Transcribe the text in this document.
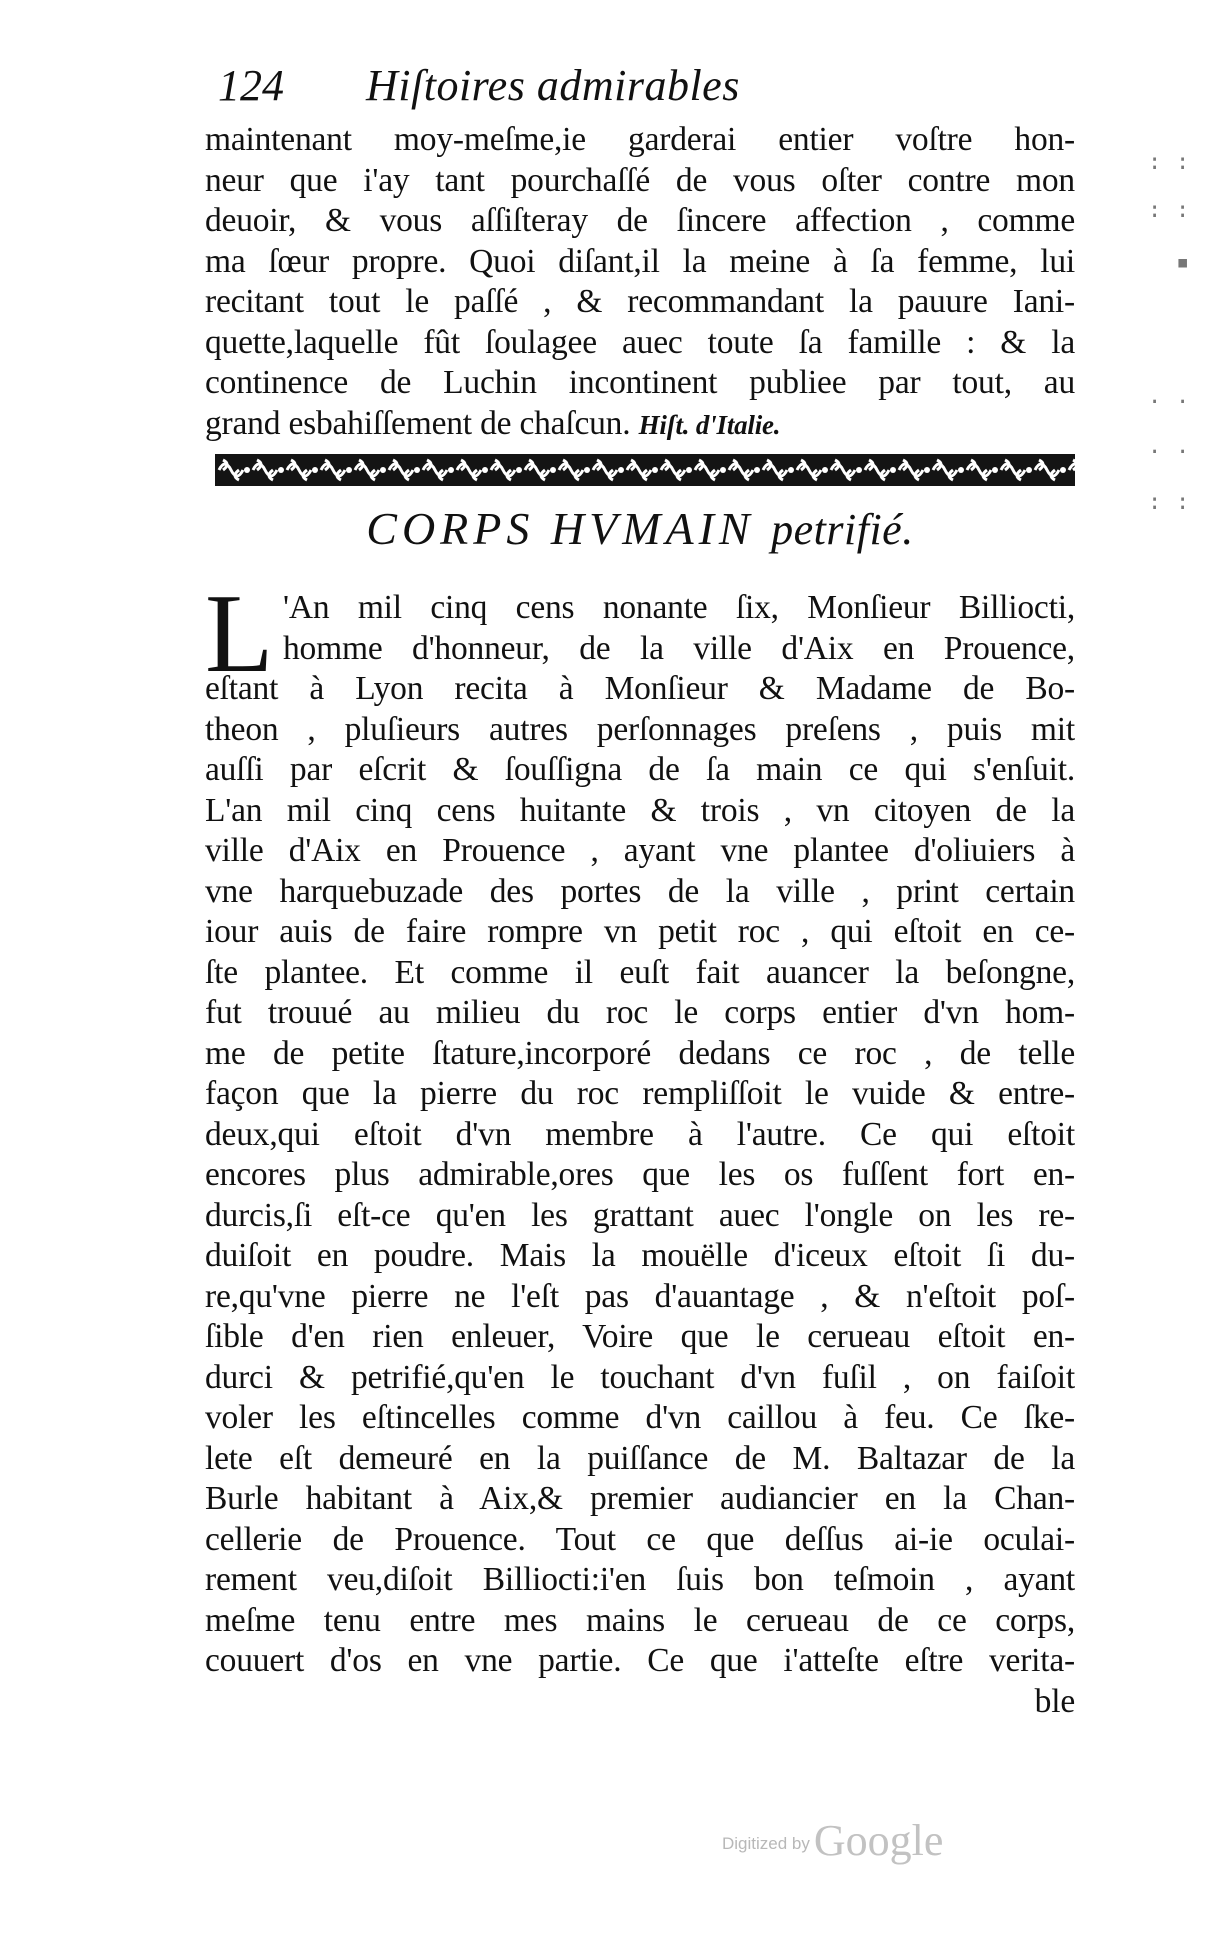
124 Hiſtoires admirables
maintenant moy-meſme,ie garderai entier voſtre hon-
neur que i'ay tant pourchaſſé de vous oſter contre mon
deuoir, & vous aſſiſteray de ſincere affection , comme
ma ſœur propre. Quoi diſant,il la meine à ſa femme, lui
recitant tout le paſſé , & recommandant la pauure Iani-
quette,laquelle fût ſoulagee auec toute ſa famille : & la
continence de Luchin incontinent publiee par tout, au
grand esbahiſſement de chaſcun. Hiſt. d'Italie.
CORPS HVMAIN petrifié.
L 'An mil cinq cens nonante ſix, Monſieur Billiocti,
homme d'honneur, de la ville d'Aix en Prouence,
eſtant à Lyon recita à Monſieur & Madame de Bo-
theon , pluſieurs autres perſonnages preſens , puis mit
auſſi par eſcrit & ſouſſigna de ſa main ce qui s'enſuit.
L'an mil cinq cens huitante & trois , vn citoyen de la
ville d'Aix en Prouence , ayant vne plantee d'oliuiers à
vne harquebuzade des portes de la ville , print certain
iour auis de faire rompre vn petit roc , qui eſtoit en ce-
ſte plantee. Et comme il euſt fait auancer la beſongne,
fut trouué au milieu du roc le corps entier d'vn hom-
me de petite ſtature,incorporé dedans ce roc , de telle
façon que la pierre du roc rempliſſoit le vuide & entre-
deux,qui eſtoit d'vn membre à l'autre. Ce qui eſtoit
encores plus admirable,ores que les os fuſſent fort en-
durcis,ſi eſt-ce qu'en les grattant auec l'ongle on les re-
duiſoit en poudre. Mais la mouëlle d'iceux eſtoit ſi du-
re,qu'vne pierre ne l'eſt pas d'auantage , & n'eſtoit poſ-
ſible d'en rien enleuer, Voire que le cerueau eſtoit en-
durci & petrifié,qu'en le touchant d'vn fuſil , on faiſoit
voler les eſtincelles comme d'vn caillou à feu. Ce ſke-
lete eſt demeuré en la puiſſance de M. Baltazar de la
Burle habitant à Aix,& premier audiancier en la Chan-
cellerie de Prouence. Tout ce que deſſus ai-ie oculai-
rement veu,diſoit Billiocti:i'en ſuis bon teſmoin , ayant
meſme tenu entre mes mains le cerueau de ce corps,
couuert d'os en vne partie. Ce que i'atteſte eſtre verita-
ble
: :
: :
▪
· ·
· ·
: :
Digitized byGoogle
